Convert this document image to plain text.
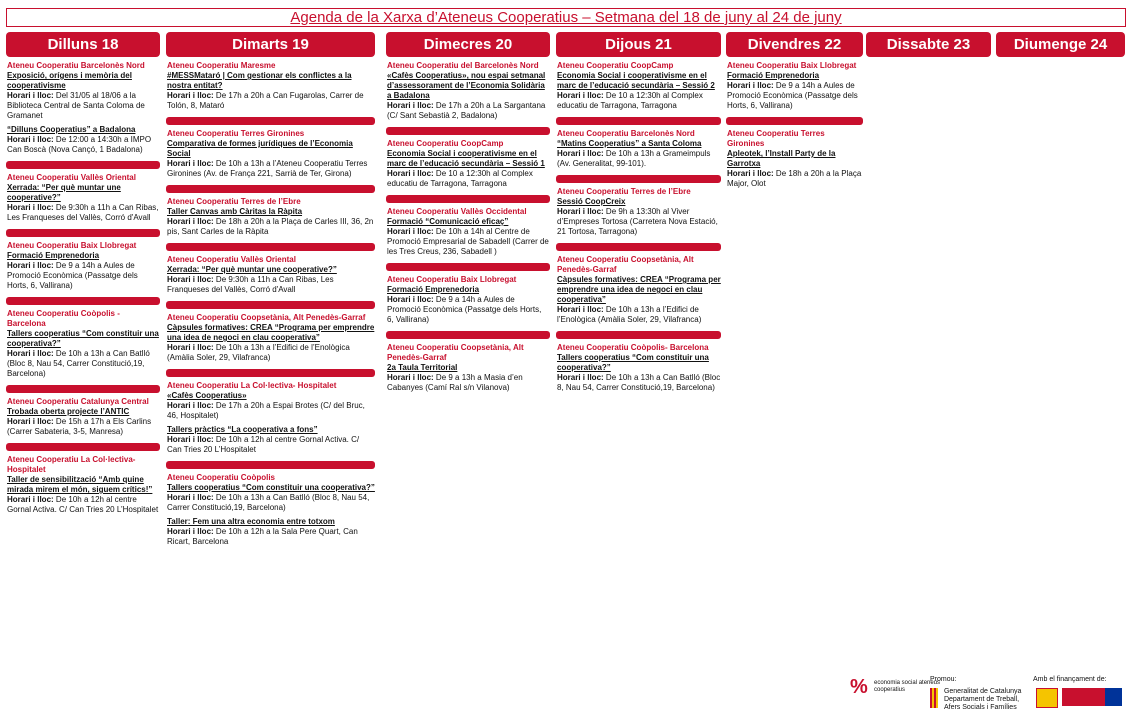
Agenda de la Xarxa d’Ateneus Cooperatius – Setmana del 18 de juny al 24 de juny
Dilluns 18
Ateneu Cooperatiu Barcelonès Nord
Exposició, orígens i memòria del cooperativisme
Horari i lloc: Del 31/05 al 18/06 a la Biblioteca Central de Santa Coloma de Gramanet
“Dilluns Cooperatius” a Badalona
Horari i lloc: De 12:00 a 14:30h a IMPO Can Boscà (Nova Cançó, 1 Badalona)
Ateneu Cooperatiu Vallès Oriental
Xerrada: “Per què muntar une cooperative?”
Horari i lloc: De 9:30h a 11h a Can Ribas, Les Franqueses del Vallès, Corró d'Avall
Ateneu Cooperatiu Baix Llobregat
Formació Emprenedoria
Horari i lloc: De 9 a 14h a Aules de Promoció Econòmica (Passatge dels Horts, 6, Vallirana)
Ateneu Cooperatiu Coòpolis - Barcelona
Tallers cooperatius “Com constituir una cooperativa?”
Horari i lloc: De 10h a 13h a Can Batlló (Bloc 8, Nau 54, Carrer Constitució,19, Barcelona)
Ateneu Cooperatiu Catalunya Central
Trobada oberta projecte l’ANTIC
Horari i lloc: De 15h a 17h a Els Carlins (Carrer Sabateria, 3-5, Manresa)
Ateneu Cooperatiu La Col·lectiva- Hospitalet
Taller de sensibilització “Amb quine mirada mirem el món, siguem crítics!”
Horari i lloc: De 10h a 12h al centre Gornal Activa. C/ Can Tries 20 L’Hospitalet
Dimarts 19
Ateneu Cooperatiu Maresme
#MESSMataró | Com gestionar els conflictes a la nostra entitat?
Horari i lloc: De 17h a 20h a Can Fugarolas, Carrer de Tolón, 8, Mataró
Ateneu Cooperatiu Terres Gironines
Comparativa de formes jurídiques de l’Economia Social
Horari i lloc: De 10h a 13h a l’Ateneu Cooperatiu Terres Gironines (Av. de França 221, Sarrià de Ter, Girona)
Ateneu Cooperatiu Terres de l’Ebre
Taller Canvas amb Càritas la Ràpita
Horari i lloc: De 18h a 20h a la Plaça de Carles III, 36, 2n pis, Sant Carles de la Ràpita
Ateneu Cooperatiu Vallès Oriental
Xerrada: “Per què muntar une cooperative?”
Horari i lloc: De 9:30h a 11h a Can Ribas, Les Franqueses del Vallès, Corró d'Avall
Ateneu Cooperatiu Coopsetània, Alt Penedès-Garraf
Càpsules formatives: CREA “Programa per emprendre una idea de negoci en clau cooperativa”
Horari i lloc: De 10h a 13h a l’Edifici de l’Enològica (Amàlia Soler, 29, Vilafranca)
Ateneu Cooperatiu La Col·lectiva- Hospitalet
«Cafès Cooperatius»
Horari i lloc: De 17h a 20h a Espai Brotes (C/ del Bruc, 46, Hospitalet)
Tallers pràctics “La cooperativa a fons”
Horari i lloc: De 10h a 12h al centre Gornal Activa. C/ Can Tries 20 L’Hospitalet
Ateneu Cooperatiu Coòpolis
Tallers cooperatius “Com constituir una cooperativa?”
Horari i lloc: De 10h a 13h a Can Batlló (Bloc 8, Nau 54, Carrer Constitució,19, Barcelona)
Taller: Fem una altra economia entre totxom
Horari i lloc: De 10h a 12h a la Sala Pere Quart, Can Ricart, Barcelona
Dimecres 20
Ateneu Cooperatiu del Barcelonès Nord
«Cafès Cooperatius», nou espai setmanal d’assessorament de l’Economia Solidària a Badalona
Horari i lloc: De 17h a 20h a La Sargantana (C/ Sant Sebastià 2, Badalona)
Ateneu Cooperatiu CoopCamp
Economia Social i cooperativisme en el marc de l’educació secundària – Sessió 1
Horari i lloc: De 10 a 12:30h al Complex educatiu de Tarragona, Tarragona
Ateneu Cooperatiu Vallès Occidental
Formació “Comunicació eficaç”
Horari i lloc: De 10h a 14h al Centre de Promoció Empresarial de Sabadell (Carrer de les Tres Creus, 236, Sabadell )
Ateneu Cooperatiu Baix Llobregat
Formació Emprenedoria
Horari i lloc: De 9 a 14h a Aules de Promoció Econòmica (Passatge dels Horts, 6, Vallirana)
Ateneu Cooperatiu Coopsetània, Alt Penedès-Garraf
2a Taula Territorial
Horari i lloc: De 9 a 13h a Masia d’en Cabanyes (Camí Ral s/n Vilanova)
Dijous 21
Ateneu Cooperatiu CoopCamp
Economia Social i cooperativisme en el marc de l’educació secundària – Sessió 2
Horari i lloc: De 10 a 12:30h al Complex educatiu de Tarragona, Tarragona
Ateneu Cooperatiu Barcelonès Nord
“Matins Cooperatius” a Santa Coloma
Horari i lloc: De 10h a 13h a Grameimpuls (Av. Generalitat, 99-101).
Ateneu Cooperatiu Terres de l’Ebre
Sessió CoopCreix
Horari i lloc: De 9h a 13:30h al Viver d’Empreses Tortosa (Carretera Nova Estació, 21 Tortosa, Tarragona)
Ateneu Cooperatiu Coopsetània, Alt Penedès-Garraf
Càpsules formatives: CREA “Programa per emprendre una idea de negoci en clau cooperativa”
Horari i lloc: De 10h a 13h a l’Edifici de l’Enològica (Amàlia Soler, 29, Vilafranca)
Ateneu Cooperatiu Coòpolis- Barcelona
Tallers cooperatius “Com constituir una cooperativa?”
Horari i lloc: De 10h a 13h a Can Batlló (Bloc 8, Nau 54, Carrer Constitució,19, Barcelona)
Divendres 22
Ateneu Cooperatiu Baix Llobregat
Formació Emprenedoria
Horari i lloc: De 9 a 14h a Aules de Promoció Econòmica (Passatge dels Horts, 6, Vallirana)
Ateneu Cooperatiu Terres Gironines
Apleotek, l’Install Party de la Garrotxa
Horari i lloc: De 18h a 20h a la Plaça Major, Olot
Dissabte 23	Diumenge 24
% economia social ateneus cooperatius
Promou:
Generalitat de Catalunya Departament de Treball, Afers Socials i Famílies
Amb el finançament de:
